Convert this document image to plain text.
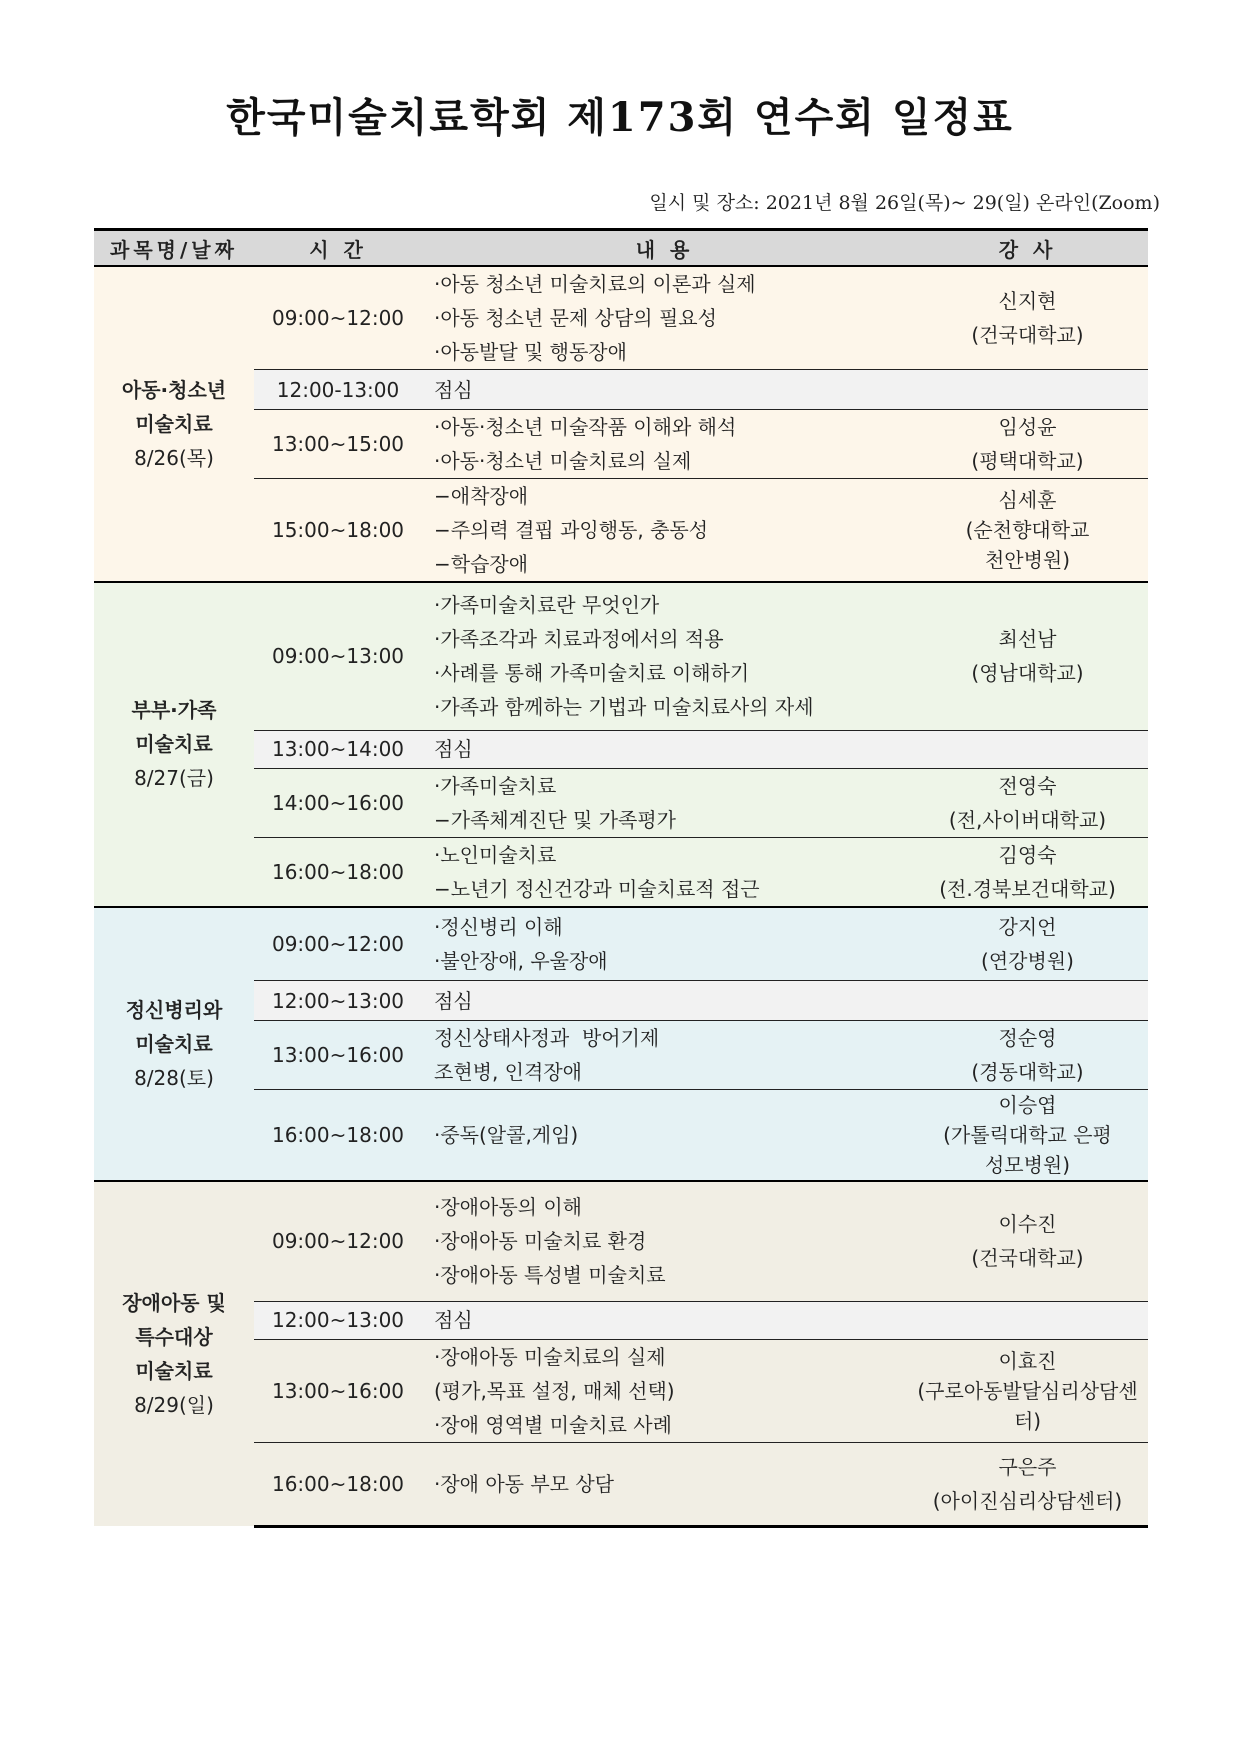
한국미술치료학회 제173회 연수회 일정표
일시 및 장소: 2021년 8월 26일(목)~ 29(일) 온라인(Zoom)
과목명/날짜	시 간	내 용	강 사

아동·청소년
미술치료
8/26(목)	09:00~12:00	·아동 청소년 미술치료의 이론과 실제
·아동 청소년 문제 상담의 필요성
·아동발달 및 행동장애	신지현
(건국대학교)

	12:00-13:00	점심	

	13:00~15:00	·아동·청소년 미술작품 이해와 해석
·아동·청소년 미술치료의 실제	임성윤
(평택대학교)

	15:00~18:00	−애착장애
−주의력 결핍 과잉행동, 충동성
−학습장애	심세훈
(순천향대학교
천안병원)

부부·가족
미술치료
8/27(금)	09:00~13:00	·가족미술치료란 무엇인가
·가족조각과 치료과정에서의 적용
·사례를 통해 가족미술치료 이해하기
·가족과 함께하는 기법과 미술치료사의 자세	최선남
(영남대학교)

	13:00~14:00	점심	

	14:00~16:00	·가족미술치료
−가족체계진단 및 가족평가	전영숙
(전,사이버대학교)

	16:00~18:00	·노인미술치료
−노년기 정신건강과 미술치료적 접근	김영숙
(전.경북보건대학교)

정신병리와
미술치료
8/28(토)	09:00~12:00	·정신병리 이해
·불안장애, 우울장애	강지언
(연강병원)

	12:00~13:00	점심	

	13:00~16:00	정신상태사정과  방어기제
조현병, 인격장애	정순영
(경동대학교)

	16:00~18:00	·중독(알콜,게임)	이승엽
(가톨릭대학교 은평
성모병원)

장애아동 및
특수대상
미술치료
8/29(일)	09:00~12:00	·장애아동의 이해
·장애아동 미술치료 환경
·장애아동 특성별 미술치료	이수진
(건국대학교)

	12:00~13:00	점심	

	13:00~16:00	·장애아동 미술치료의 실제
(평가,목표 설정, 매체 선택)
·장애 영역별 미술치료 사례	이효진
(구로아동발달심리상담센
터)

	16:00~18:00	·장애 아동 부모 상담	구은주
(아이진심리상담센터)
